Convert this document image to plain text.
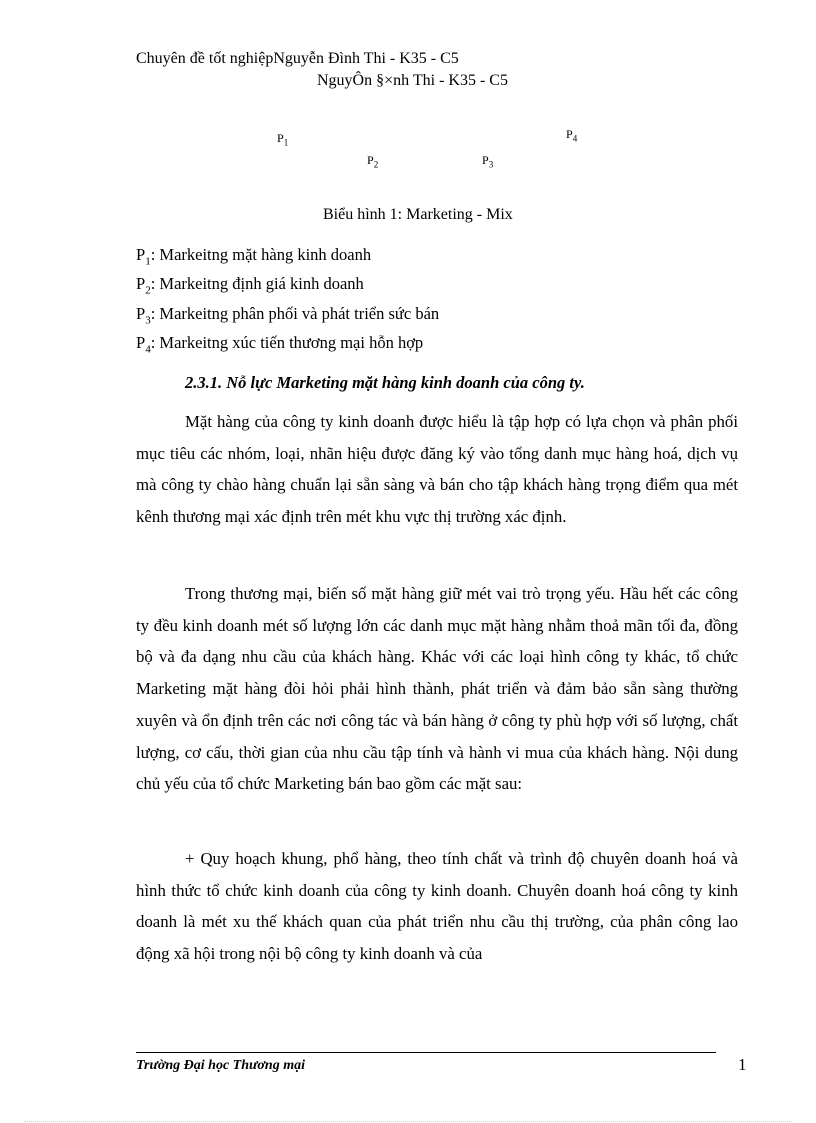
Chuyên đề tốt nghiệpNguyễn Đình Thi - K35 - C5
NguyÔn §×nh Thi - K35 - C5
$P_1$
$P_2$	$P_3$
$P_4$
Biểu hình 1: Marketing - Mix
$P_1$: Markeitng mặt hàng kinh doanh
$P_2$: Markeitng định giá kinh doanh
$P_3$: Markeitng phân phối và phát triển sức bán
$P_4$: Markeitng xúc tiến thương mại hỗn hợp
2.3.1. Nỗ lực Marketing mặt hàng kinh doanh của công ty.

Mặt hàng của công ty kinh doanh được hiểu là tập hợp có lựa chọn và phân phối mục tiêu các nhóm, loại, nhãn hiệu được đăng ký vào tổng danh mục hàng hoá, dịch vụ mà công ty chào hàng chuẩn lại sẵn sàng và bán cho tập khách hàng trọng điểm qua mét kênh thương mại xác định trên mét khu vực thị trường xác định.

Trong thương mại, biến số mặt hàng giữ mét vai trò trọng yếu. Hầu hết các công ty đều kinh doanh mét số lượng lớn các danh mục mặt hàng nhằm thoả mãn tối đa, đồng bộ và đa dạng nhu cầu của khách hàng. Khác với các loại hình công ty khác, tổ chức Marketing mặt hàng đòi hỏi phải hình thành, phát triển và đảm bảo sẵn sàng thường xuyên và ổn định trên các nơi công tác và bán hàng ở công ty phù hợp với số lượng, chất lượng, cơ cấu, thời gian của nhu cầu tập tính và hành vi mua của khách hàng. Nội dung chủ yếu của tổ chức Marketing bán bao gồm các mặt sau:

+ Quy hoạch khung, phổ hàng, theo tính chất và trình độ chuyên doanh hoá và hình thức tổ chức kinh doanh của công ty kinh doanh. Chuyên doanh hoá công ty kinh doanh là mét xu thế khách quan của phát triển nhu cầu thị trường, của phân công lao động xã hội trong nội bộ công ty kinh doanh và của

Trường Đại học Thương mại	1
